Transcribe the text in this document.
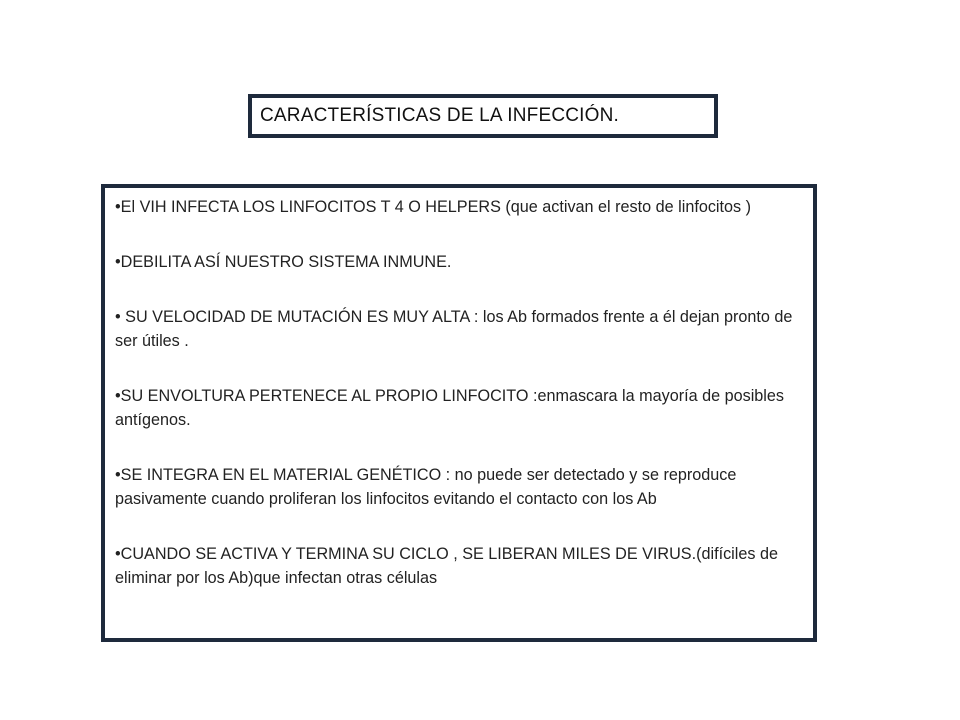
CARACTERÍSTICAS DE LA INFECCIÓN.

•El VIH INFECTA LOS LINFOCITOS T 4 O HELPERS (que activan el resto de linfocitos )

•DEBILITA ASÍ NUESTRO SISTEMA INMUNE.

• SU VELOCIDAD DE MUTACIÓN ES MUY ALTA : los Ab formados frente a él dejan pronto de ser útiles .

•SU ENVOLTURA PERTENECE AL PROPIO LINFOCITO :enmascara la mayoría de posibles antígenos.

•SE INTEGRA EN EL MATERIAL GENÉTICO : no puede ser detectado y se reproduce pasivamente cuando proliferan los linfocitos evitando el contacto con los Ab

•CUANDO SE ACTIVA Y TERMINA SU CICLO , SE LIBERAN MILES DE VIRUS.(difíciles de eliminar por los Ab)que infectan otras células
